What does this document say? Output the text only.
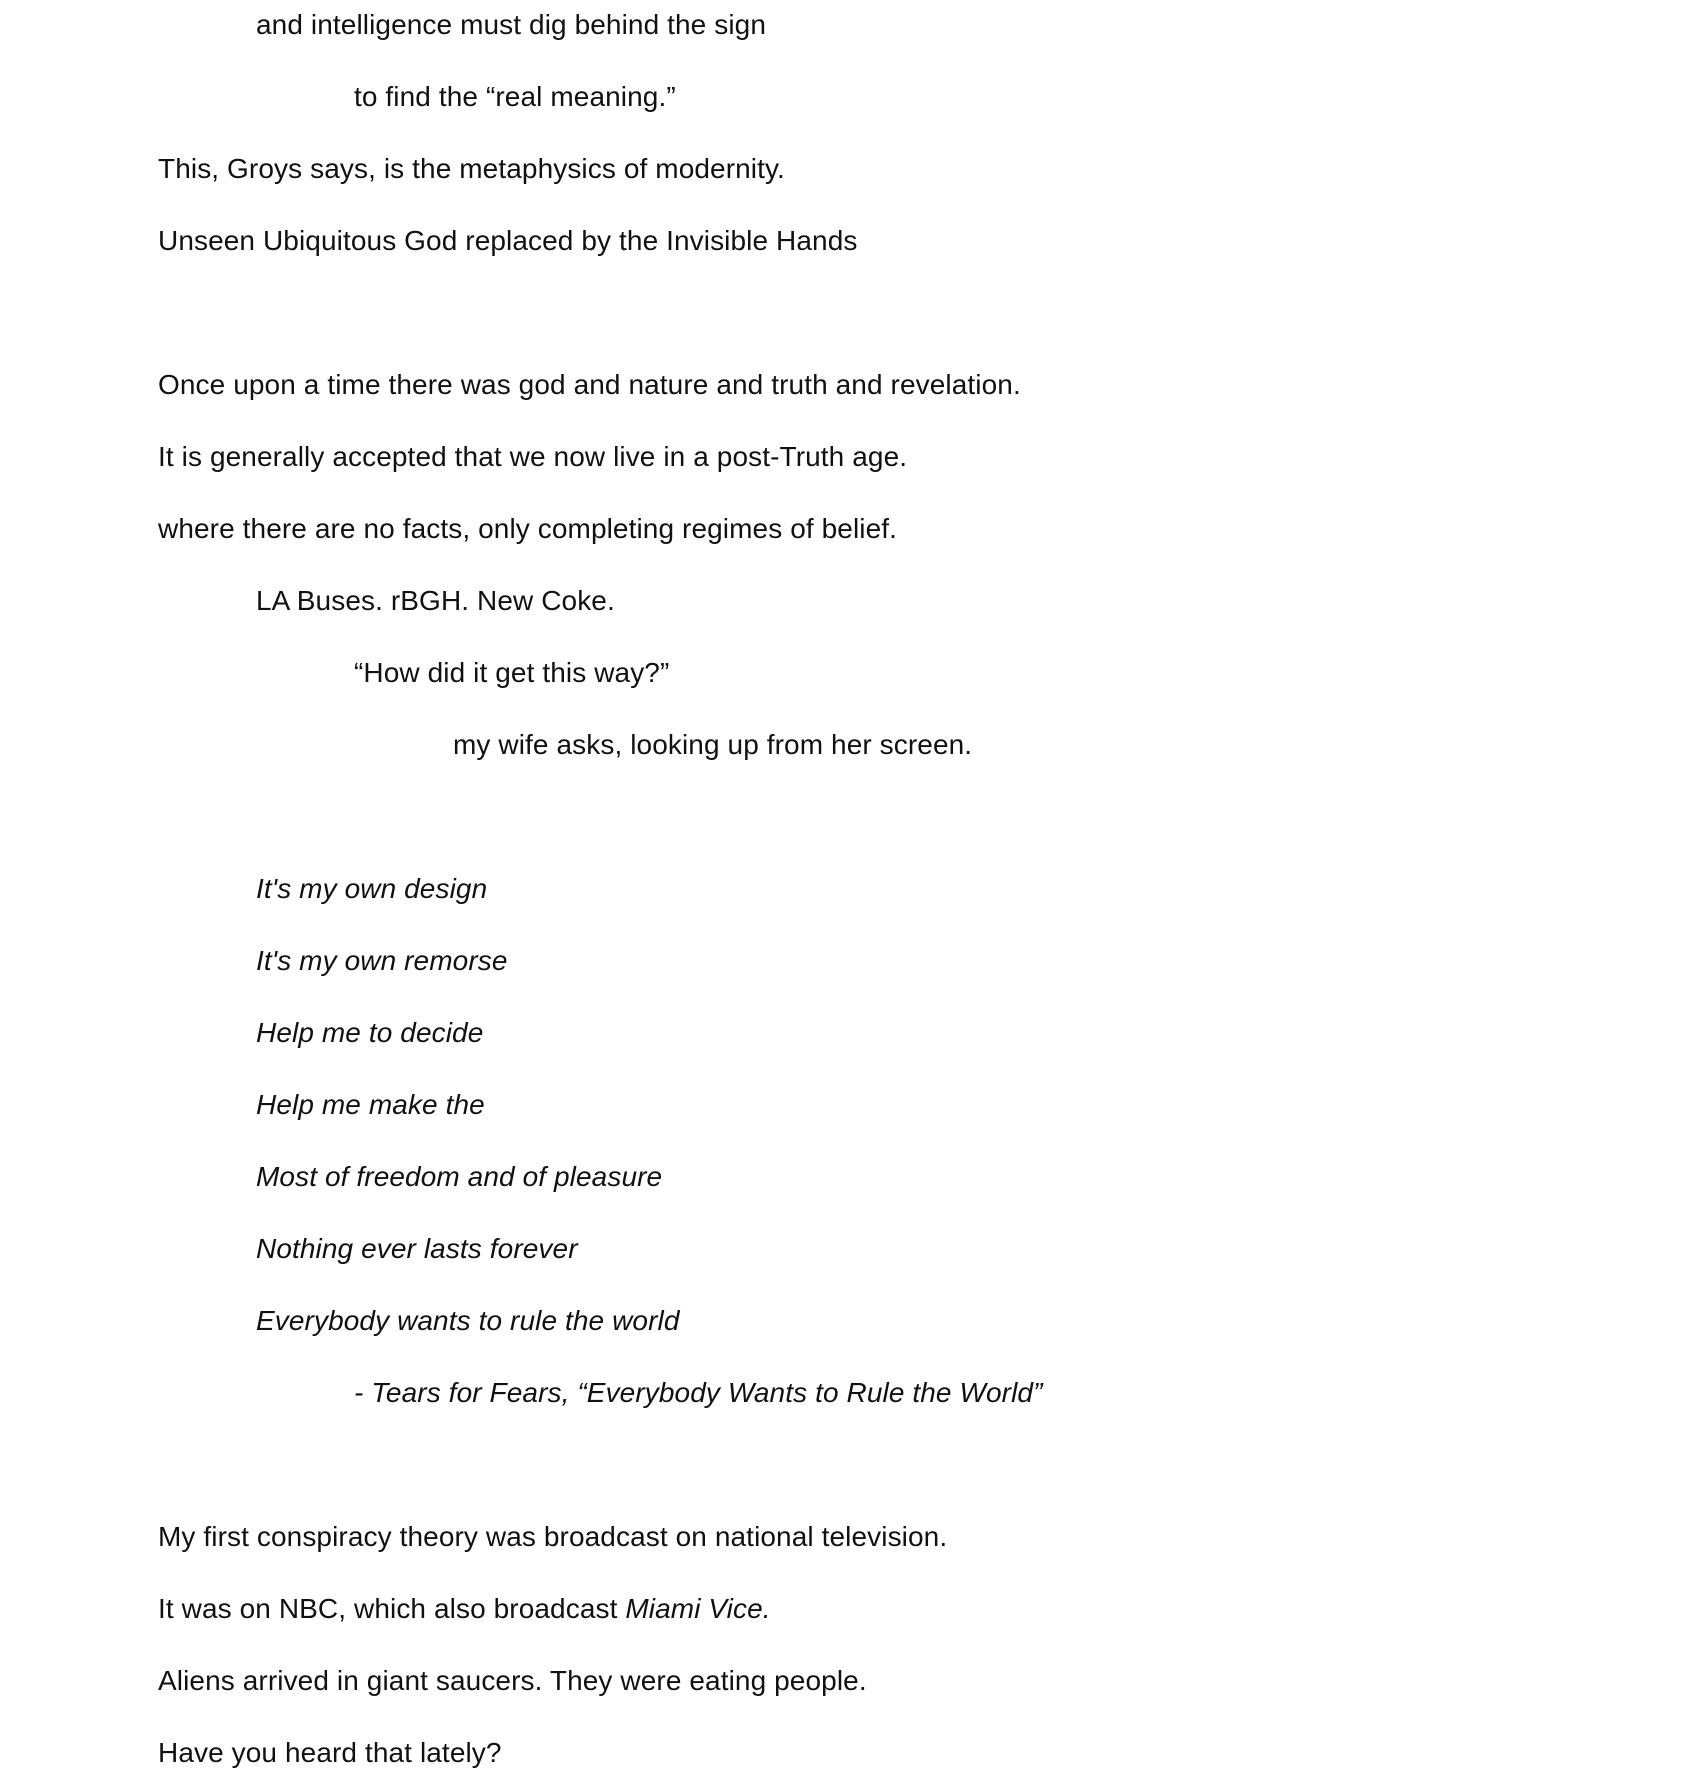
and intelligence must dig behind the sign
to find the “real meaning.”
This, Groys says, is the metaphysics of modernity.
Unseen Ubiquitous God replaced by the Invisible Hands
Once upon a time there was god and nature and truth and revelation.
It is generally accepted that we now live in a post-Truth age.
where there are no facts, only completing regimes of belief.
LA Buses. rBGH. New Coke.
“How did it get this way?”
my wife asks, looking up from her screen.
It's my own design
It's my own remorse
Help me to decide
Help me make the
Most of freedom and of pleasure
Nothing ever lasts forever
Everybody wants to rule the world
- Tears for Fears, “Everybody Wants to Rule the World”
My first conspiracy theory was broadcast on national television.
It was on NBC, which also broadcast Miami Vice.
Aliens arrived in giant saucers. They were eating people.
Have you heard that lately?
